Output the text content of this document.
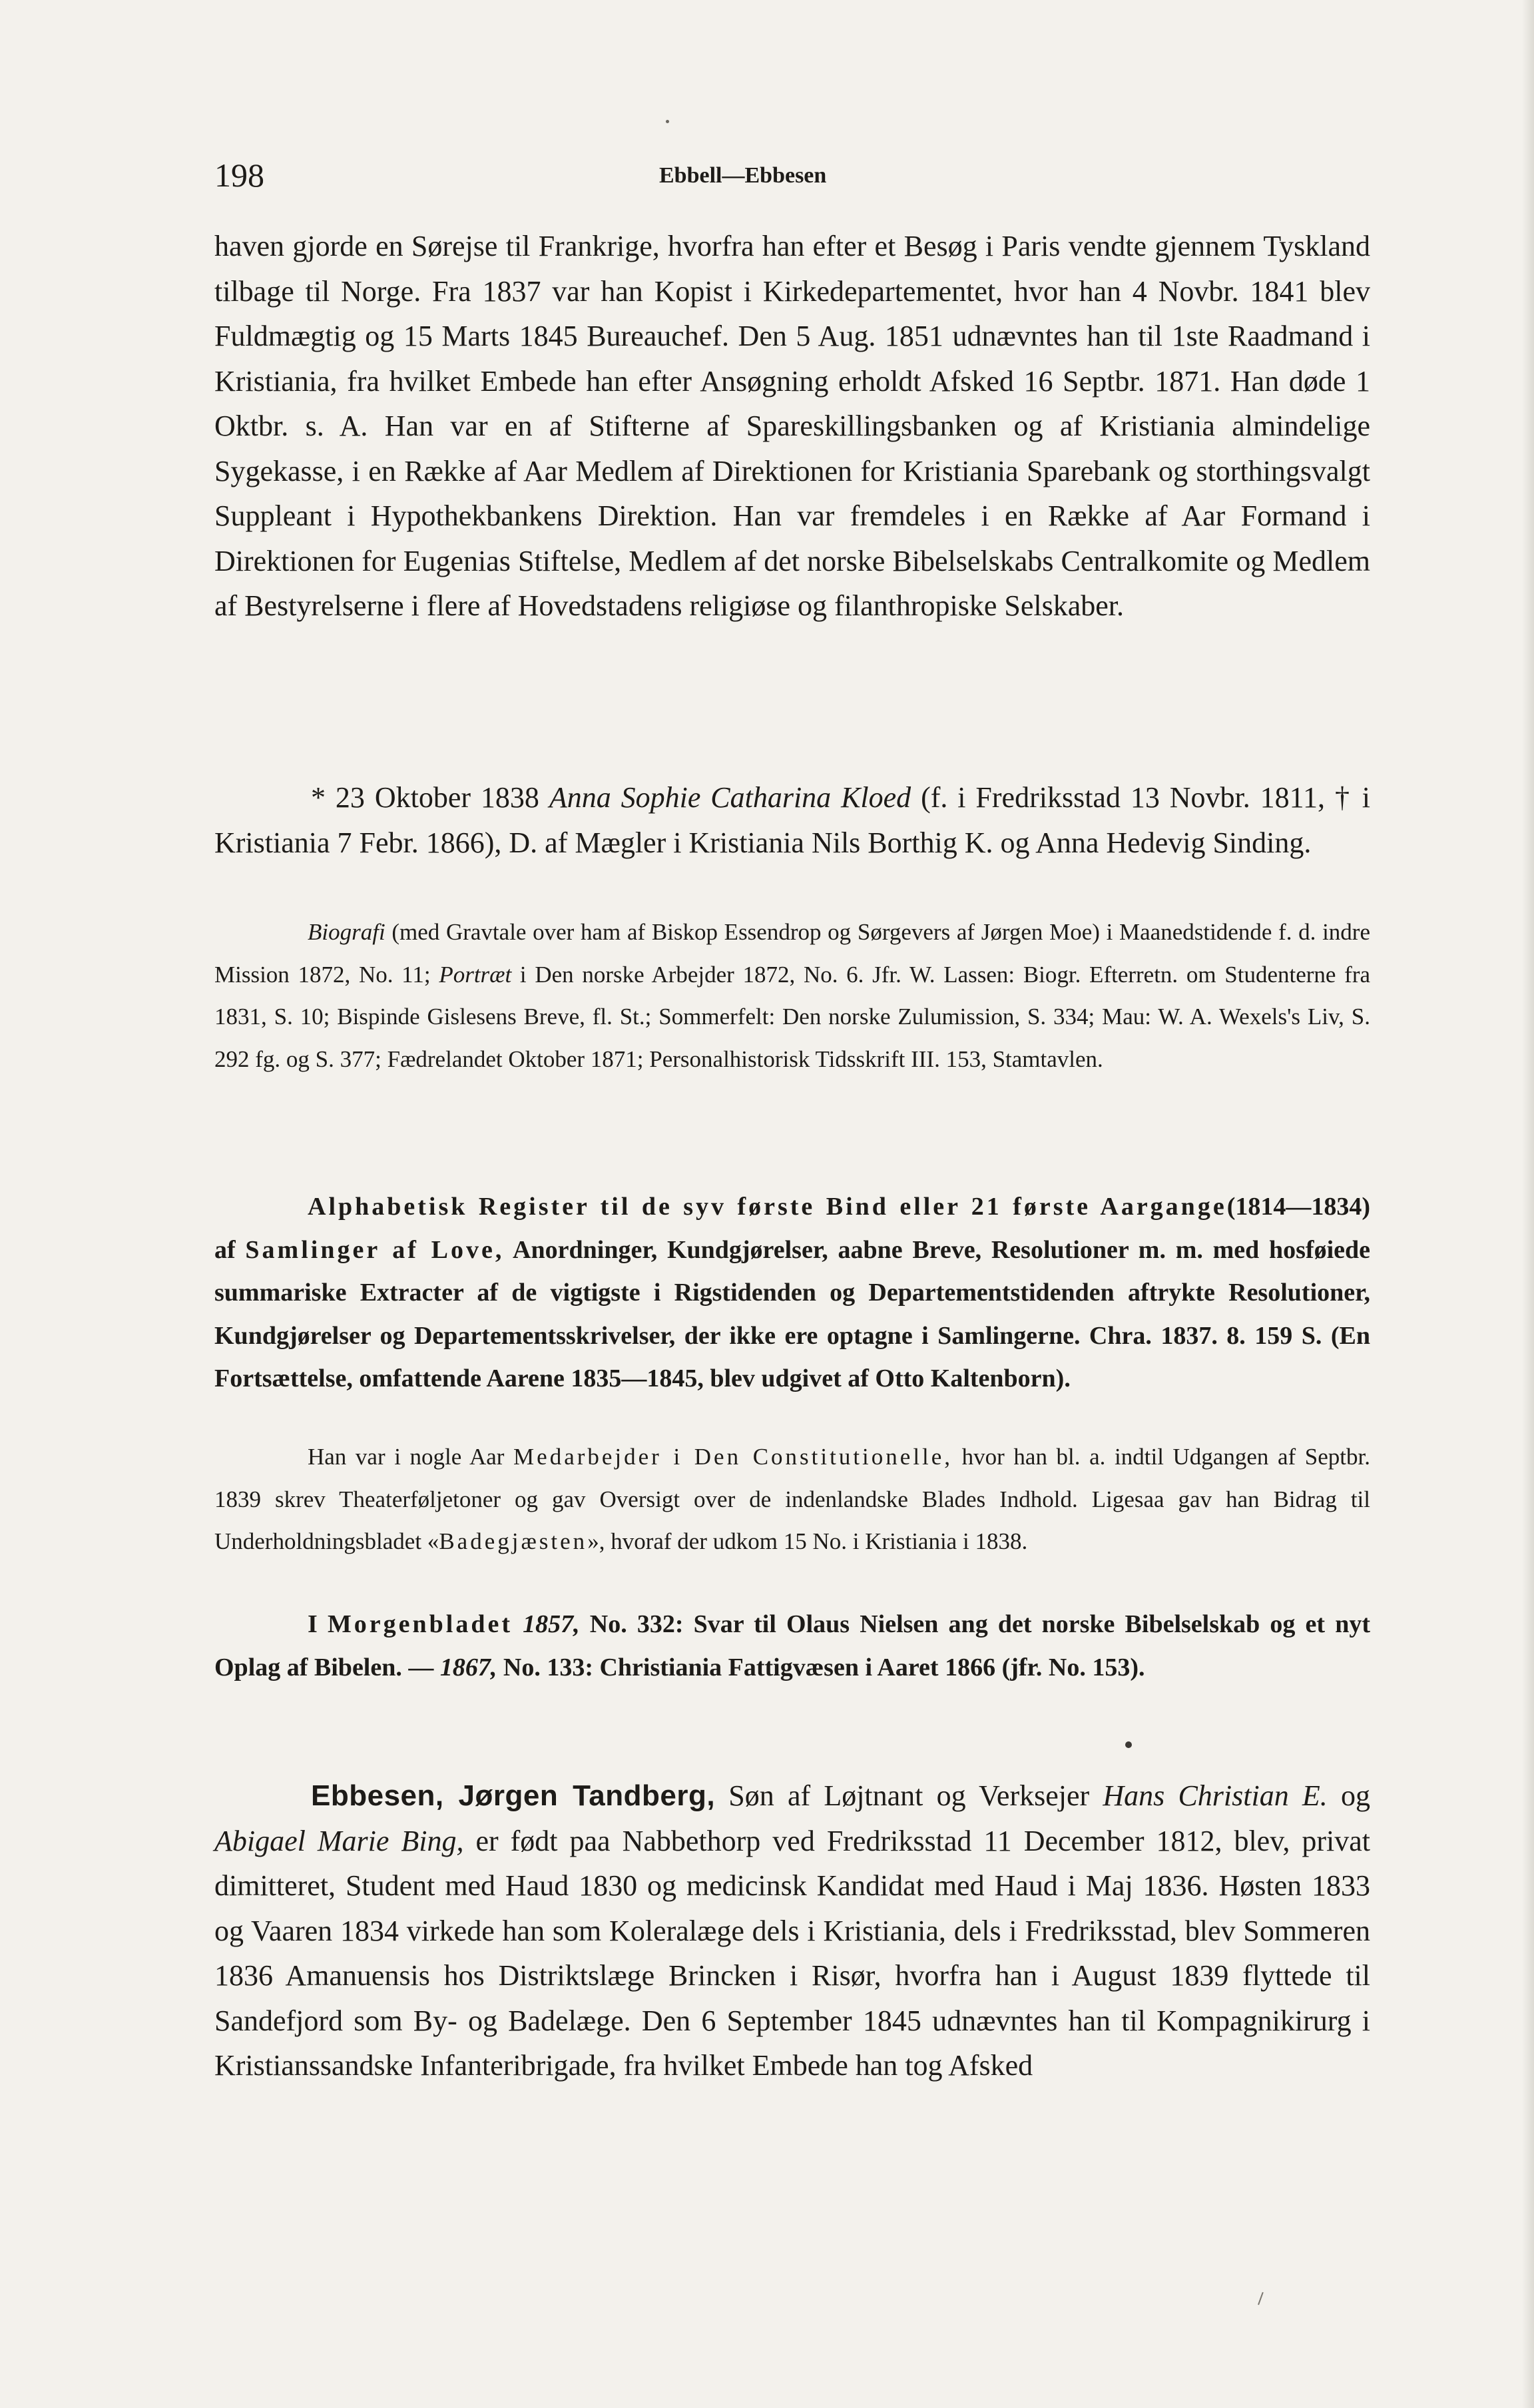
198	Ebbell—Ebbesen

haven gjorde en Sørejse til Frankrige, hvorfra han efter et Besøg i Paris vendte gjennem Tyskland tilbage til Norge. Fra 1837 var han Kopist i Kirkedepartementet, hvor han 4 Novbr. 1841 blev Fuldmægtig og 15 Marts 1845 Bureauchef. Den 5 Aug. 1851 udnævntes han til 1ste Raadmand i Kristiania, fra hvilket Embede han efter Ansøgning erholdt Afsked 16 Septbr. 1871. Han døde 1 Oktbr. s. A. Han var en af Stifterne af Spareskillingsbanken og af Kristiania almindelige Sygekasse, i en Række af Aar Medlem af Direktionen for Kristiania Sparebank og storthingsvalgt Suppleant i Hypothekbankens Direktion. Han var fremdeles i en Række af Aar Formand i Direktionen for Eugenias Stiftelse, Medlem af det norske Bibelselskabs Centralkomite og Medlem af Bestyrelserne i flere af Hovedstadens religiøse og filanthropiske Selskaber.

* 23 Oktober 1838 Anna Sophie Catharina Kloed (f. i Fredriksstad 13 Novbr. 1811, † i Kristiania 7 Febr. 1866), D. af Mægler i Kristiania Nils Borthig K. og Anna Hedevig Sinding.

Biografi (med Gravtale over ham af Biskop Essendrop og Sørgevers af Jørgen Moe) i Maanedstidende f. d. indre Mission 1872, No. 11; Portræt i Den norske Arbejder 1872, No. 6. Jfr. W. Lassen: Biogr. Efterretn. om Studenterne fra 1831, S. 10; Bispinde Gislesens Breve, fl. St.; Sommerfelt: Den norske Zulumission, S. 334; Mau: W. A. Wexels's Liv, S. 292 fg. og S. 377; Fædrelandet Oktober 1871; Personalhistorisk Tidsskrift III. 153, Stamtavlen.

Alphabetisk Register til de syv første Bind eller 21 første Aargange(1814—1834) af Samlinger af Love, Anordninger, Kundgjørelser, aabne Breve, Resolutioner m. m. med hosføiede summariske Extracter af de vigtigste i Rigstidenden og Departementstidenden aftrykte Resolutioner, Kundgjørelser og Departementsskrivelser, der ikke ere optagne i Samlingerne. Chra. 1837. 8. 159 S. (En Fortsættelse, omfattende Aarene 1835—1845, blev udgivet af Otto Kaltenborn).

Han var i nogle Aar Medarbejder i Den Constitutionelle, hvor han bl. a. indtil Udgangen af Septbr. 1839 skrev Theaterføljetoner og gav Oversigt over de indenlandske Blades Indhold. Ligesaa gav han Bidrag til Underholdningsbladet «Badegjæsten», hvoraf der udkom 15 No. i Kristiania i 1838.

I Morgenbladet 1857, No. 332: Svar til Olaus Nielsen ang det norske Bibelselskab og et nyt Oplag af Bibelen. — 1867, No. 133: Christiania Fattigvæsen i Aaret 1866 (jfr. No. 153).

Ebbesen, Jørgen Tandberg, Søn af Løjtnant og Verksejer Hans Christian E. og Abigael Marie Bing, er født paa Nabbethorp ved Fredriksstad 11 December 1812, blev, privat dimitteret, Student med Haud 1830 og medicinsk Kandidat med Haud i Maj 1836. Høsten 1833 og Vaaren 1834 virkede han som Koleralæge dels i Kristiania, dels i Fredriksstad, blev Sommeren 1836 Amanuensis hos Distriktslæge Brincken i Risør, hvorfra han i August 1839 flyttede til Sandefjord som By- og Badelæge. Den 6 September 1845 udnævntes han til Kompagnikirurg i Kristianssandske Infanteribrigade, fra hvilket Embede han tog Afsked
